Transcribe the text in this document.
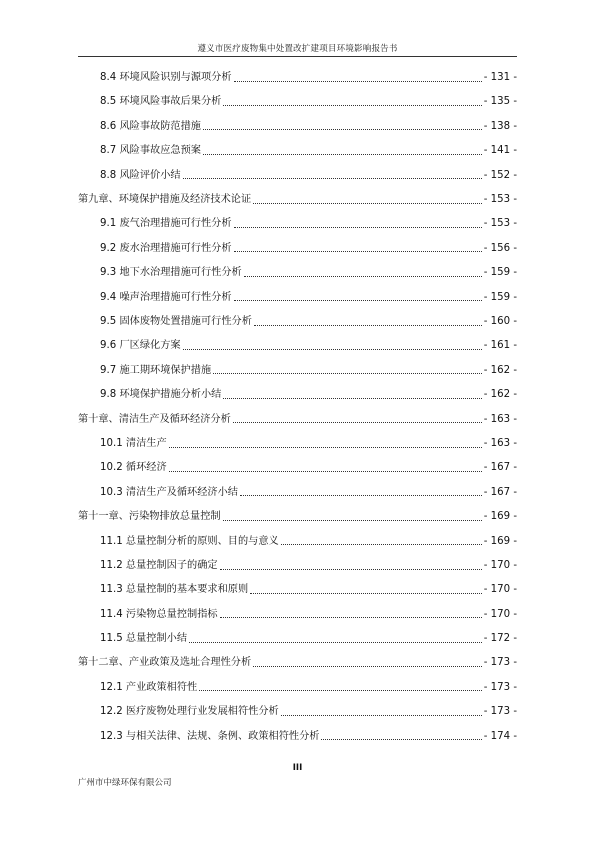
遵义市医疗废物集中处置改扩建项目环境影响报告书
8.4 环境风险识别与源项分析	- 131 -
8.5 环境风险事故后果分析	- 135 -
8.6 风险事故防范措施	- 138 -
8.7 风险事故应急预案	- 141 -
8.8 风险评价小结	- 152 -
第九章、环境保护措施及经济技术论证	- 153 -
9.1 废气治理措施可行性分析	- 153 -
9.2 废水治理措施可行性分析	- 156 -
9.3 地下水治理措施可行性分析	- 159 -
9.4 噪声治理措施可行性分析	- 159 -
9.5 固体废物处置措施可行性分析	- 160 -
9.6 厂区绿化方案	- 161 -
9.7 施工期环境保护措施	- 162 -
9.8 环境保护措施分析小结	- 162 -
第十章、清洁生产及循环经济分析	- 163 -
10.1 清洁生产	- 163 -
10.2 循环经济	- 167 -
10.3 清洁生产及循环经济小结	- 167 -
第十一章、污染物排放总量控制	- 169 -
11.1 总量控制分析的原则、目的与意义	- 169 -
11.2 总量控制因子的确定	- 170 -
11.3 总量控制的基本要求和原则	- 170 -
11.4 污染物总量控制指标	- 170 -
11.5 总量控制小结	- 172 -
第十二章、产业政策及选址合理性分析	- 173 -
12.1 产业政策相符性	- 173 -
12.2 医疗废物处理行业发展相符性分析	- 173 -
12.3 与相关法律、法规、条例、政策相符性分析	- 174 -
III
广州市中绿环保有限公司
